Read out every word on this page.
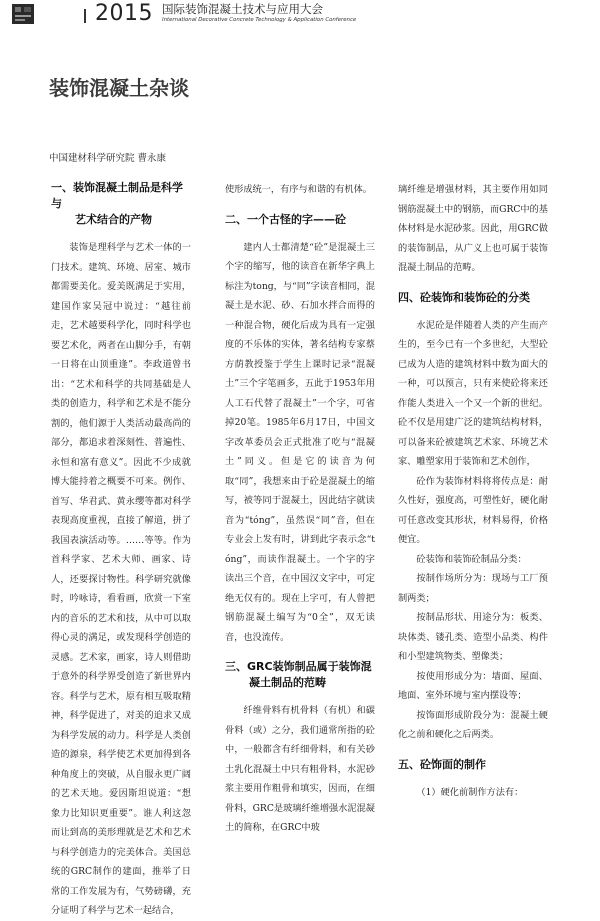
2015 国际装饰混凝土技术与应用大会
International Decorative Concrete Technology & Application Conference
装饰混凝土杂谈
中国建材科学研究院 曹永康
一、装饰混凝土制品是科学与
艺术结合的产物

装饰是理科学与艺术一体的一门技术。建筑、环境、居室、城市都需要美化。爱美既满足于实用，建国作家吴冠中说过：“越往前走，艺术越要科学化，同时科学也要艺术化，两者在山脚分手，有朝一日将在山顶重逢”。李政道曾书出：“艺术和科学的共同基础是人类的创造力，科学和艺术是不能分割的，他们源于人类活动最高尚的部分，都追求着深刻性、普遍性、永恒和富有意义”。因此不少成就博大能持着之概要不可来。例作、首写、华君武、黄永缨等都对科学表现高度重视，直接了解道，拼了我国表演活动等。……等等。作为首科学家、艺术大师、画家、诗人，还要探讨物性。科学研究就像时，吟咏诗，看看画，欣赏一下室内的音乐的艺术和技，从中可以取得心灵的满足，或发现科学创造的灵感。艺术家，画家，诗人则借助于意外的科学界受创造了新世界内容。科学与艺术，原有相互吸取精神，科学促进了，对美的追求又成为科学发展的动力。科学是人类创造的源泉，科学使艺术更加得到各种角度上的突破，从自服永更广阔的艺术天地。爱因斯坦说道：“想象力比知识更重要”。谁人利这忽而让到高的美形理就是艺术和艺术与科学创造力的完美体合。美国总统的GRC制作的建面，推举了日常的工作发展为有，气势磅礴，充分证明了科学与艺术一起结合，

使形成统一，有序与和谐的有机体。

二、一个古怪的字——砼

建内人士都清楚“砼”是混凝土三个字的缩写，他的读音在新华字典上标注为tong，与“同”字读音相同，混凝土是水泥、砂、石加水拌合而得的一种混合物，硬化后成为具有一定强度的不乐体的实体，著名结构专家蔡方荫教授鉴于学生上课时记录“混凝土”三个字笔画多，五此于1953年用人工石代替了混凝土”一个字，可省掉20笔。1985年6月17日，中国文字改革委员会正式批准了吃与“混凝土”同义。但是它的读音为何取“同”，我想来由于砼是混凝土的缩写，被等同于混凝土，因此结字就读音为“tóng”，虽然误“同”音，但在专业会上发有时，讲到此字表示念“tóng”，而读作混凝土。一个字的字读出三个音，在中国汉文字中，可定绝无仅有的。现在上字可，有人曾把钢筋混凝土编写为“0全”，双无读音，也没流传。

三、GRC装饰制品属于装饰混
凝土制品的范畴

纤维骨料有机骨料（有机）和碳骨料（或）之分，我们通常所指的砼中，一般都含有纤细骨料，和有关砂土乳化混凝土中只有粗骨料，水泥砂浆主要用作粗骨和填实，因而，在细骨料，GRC是玻璃纤维增强水泥混凝土的简称，在GRC中玻

璃纤维是增强材料，其主要作用如同钢筋混凝土中的钢筋，而GRC中的基体材料是水泥砂浆。因此，用GRC做的装饰制品，从广义上也可属于装饰混凝土制品的范畴。

四、砼装饰和装饰砼的分类

水泥砼是伴随着人类的产生而产生的，至今已有一个多世纪，大型砼已成为人造的建筑材料中数为面大的一种，可以预言，只有来使砼将来还作能人类进入一个又一个新的世纪。砼不仅是用建广泛的建筑结构材料，可以备来砼被建筑艺术家、环境艺术家、雕塑家用于装饰和艺术创作，

砼作为装饰材料将将传点是：耐久性好，强度高，可塑性好，硬化耐可任意改变其形状，材料易得，价格便宜。

砼装饰和装饰砼制品分类：

按制作场所分为：现场与工厂预制两类；

按制品形状、用途分为：板类、块体类、镂孔类、造型小品类、构件和小型建筑物类、塑像类；

按使用形成分为：墙面、屋面、地面、室外环境与室内摆设等；

按饰面形成阶段分为：混凝土硬化之前和硬化之后两类。

五、砼饰面的制作

（1）硬化前制作方法有：
